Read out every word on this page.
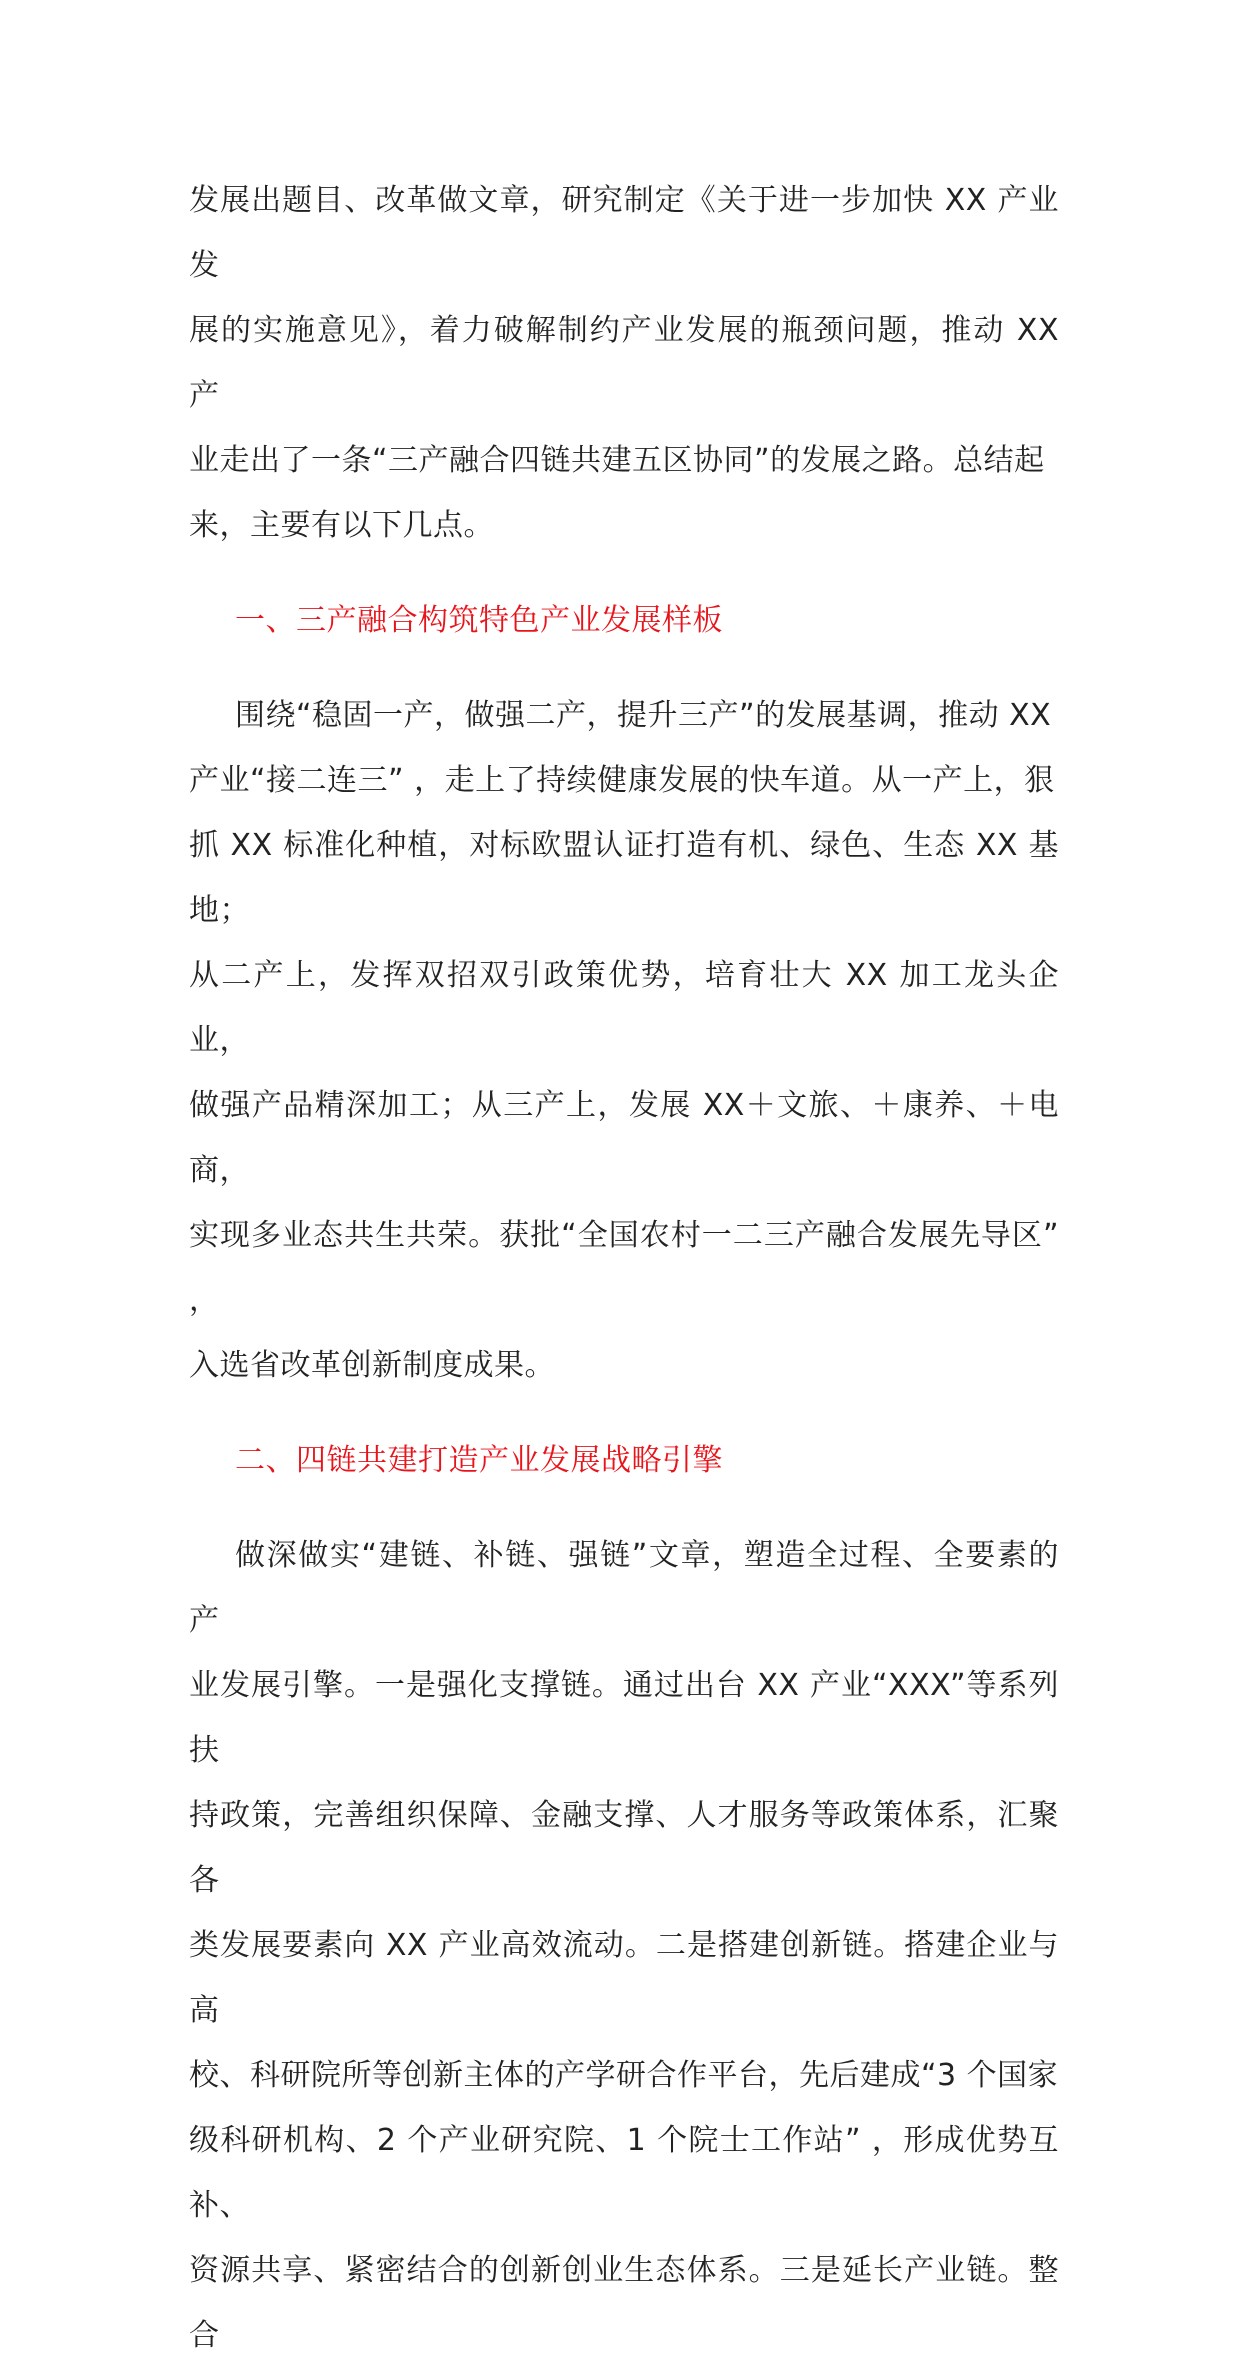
发展出题目、改革做文章，研究制定《关于进一步加快 XX 产业发
展的实施意见》，着力破解制约产业发展的瓶颈问题，推动 XX 产
业走出了一条“三产融合四链共建五区协同”的发展之路。总结起
来，主要有以下几点。

一、三产融合构筑特色产业发展样板

围绕“稳固一产，做强二产，提升三产”的发展基调，推动 XX
产业“接二连三” ，走上了持续健康发展的快车道。从一产上，狠
抓 XX 标准化种植，对标欧盟认证打造有机、绿色、生态 XX 基地；
从二产上，发挥双招双引政策优势，培育壮大 XX 加工龙头企业，
做强产品精深加工；从三产上，发展 XX＋文旅、＋康养、＋电商，
实现多业态共生共荣。获批“全国农村一二三产融合发展先导区” ，
入选省改革创新制度成果。

二、四链共建打造产业发展战略引擎

做深做实“建链、补链、强链”文章，塑造全过程、全要素的产
业发展引擎。一是强化支撑链。通过出台 XX 产业“XXX”等系列扶
持政策，完善组织保障、金融支撑、人才服务等政策体系，汇聚各
类发展要素向 XX 产业高效流动。二是搭建创新链。搭建企业与高
校、科研院所等创新主体的产学研合作平台，先后建成“3 个国家
级科研机构、2 个产业研究院、1 个院士工作站” ，形成优势互补、
资源共享、紧密结合的创新创业生态体系。三是延长产业链。整合
